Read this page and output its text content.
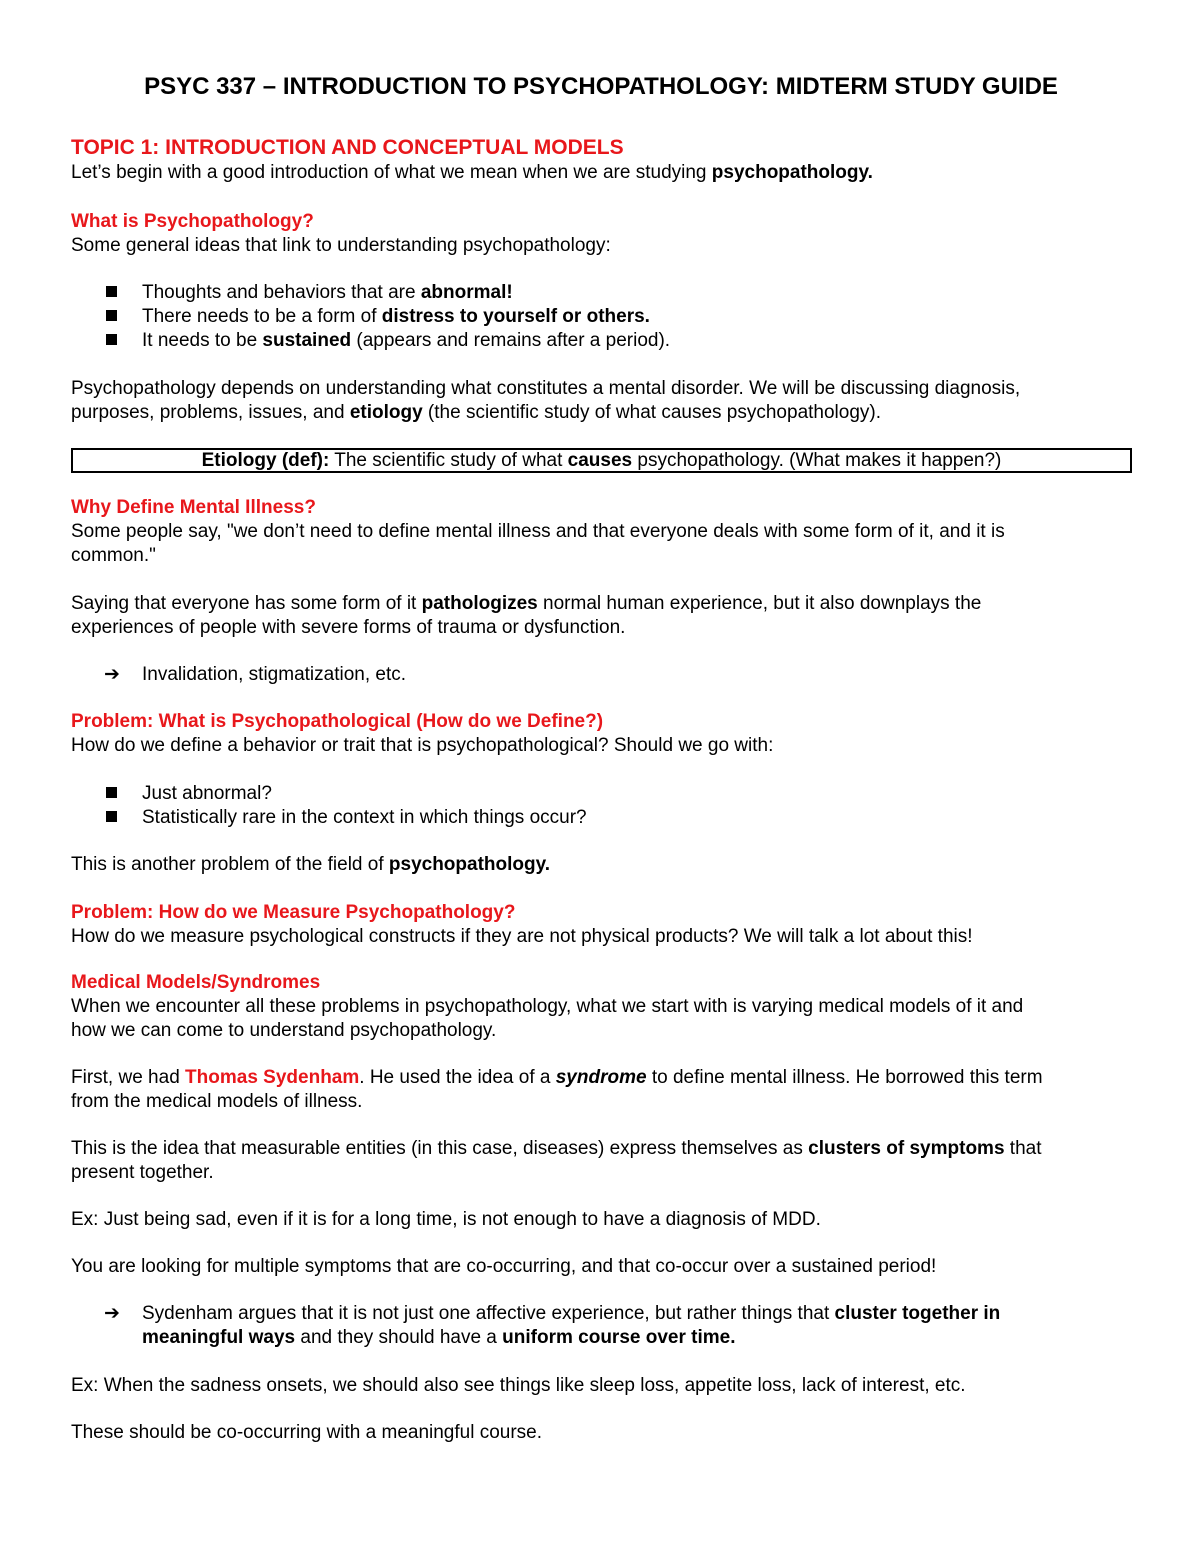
PSYC 337 – INTRODUCTION TO PSYCHOPATHOLOGY: MIDTERM STUDY GUIDE
TOPIC 1: INTRODUCTION AND CONCEPTUAL MODELS
Let’s begin with a good introduction of what we mean when we are studying psychopathology.
What is Psychopathology?
Some general ideas that link to understanding psychopathology:
Thoughts and behaviors that are abnormal!
There needs to be a form of distress to yourself or others.
It needs to be sustained (appears and remains after a period).
Psychopathology depends on understanding what constitutes a mental disorder. We will be discussing diagnosis,
purposes, problems, issues, and etiology (the scientific study of what causes psychopathology).
Etiology (def): The scientific study of what causes psychopathology. (What makes it happen?)
Why Define Mental Illness?
Some people say, "we don’t need to define mental illness and that everyone deals with some form of it, and it is
common."
Saying that everyone has some form of it pathologizes normal human experience, but it also downplays the
experiences of people with severe forms of trauma or dysfunction.
➔ Invalidation, stigmatization, etc.
Problem: What is Psychopathological (How do we Define?)
How do we define a behavior or trait that is psychopathological? Should we go with:
Just abnormal?
Statistically rare in the context in which things occur?
This is another problem of the field of psychopathology.
Problem: How do we Measure Psychopathology?
How do we measure psychological constructs if they are not physical products? We will talk a lot about this!
Medical Models/Syndromes
When we encounter all these problems in psychopathology, what we start with is varying medical models of it and
how we can come to understand psychopathology.
First, we had Thomas Sydenham. He used the idea of a syndrome to define mental illness. He borrowed this term
from the medical models of illness.
This is the idea that measurable entities (in this case, diseases) express themselves as clusters of symptoms that
present together.
Ex: Just being sad, even if it is for a long time, is not enough to have a diagnosis of MDD.
You are looking for multiple symptoms that are co-occurring, and that co-occur over a sustained period!
➔ Sydenham argues that it is not just one affective experience, but rather things that cluster together in
meaningful ways and they should have a uniform course over time.
Ex: When the sadness onsets, we should also see things like sleep loss, appetite loss, lack of interest, etc.
These should be co-occurring with a meaningful course.
